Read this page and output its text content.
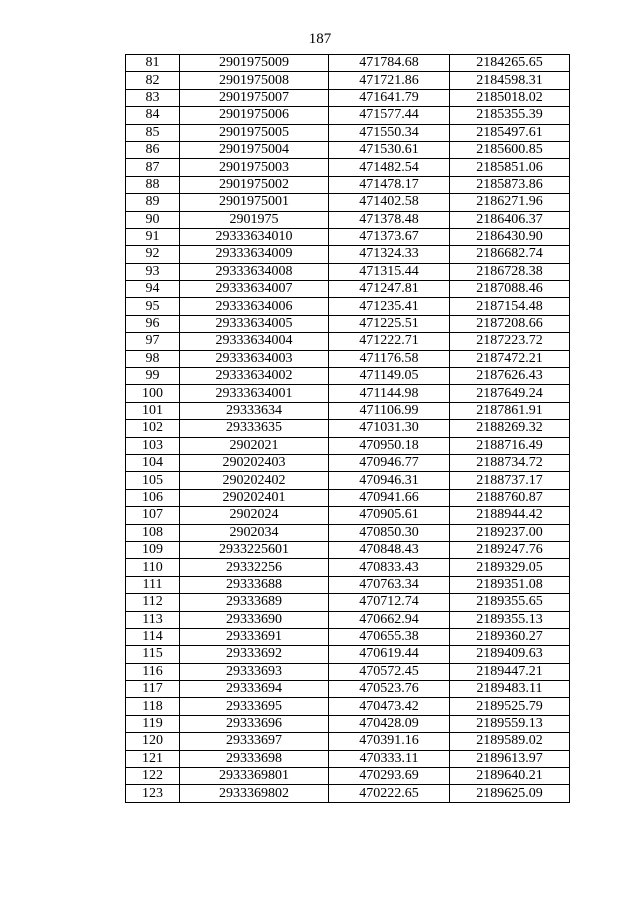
187
81	2901975009	471784.68	2184265.65
82	2901975008	471721.86	2184598.31
83	2901975007	471641.79	2185018.02
84	2901975006	471577.44	2185355.39
85	2901975005	471550.34	2185497.61
86	2901975004	471530.61	2185600.85
87	2901975003	471482.54	2185851.06
88	2901975002	471478.17	2185873.86
89	2901975001	471402.58	2186271.96
90	2901975	471378.48	2186406.37
91	29333634010	471373.67	2186430.90
92	29333634009	471324.33	2186682.74
93	29333634008	471315.44	2186728.38
94	29333634007	471247.81	2187088.46
95	29333634006	471235.41	2187154.48
96	29333634005	471225.51	2187208.66
97	29333634004	471222.71	2187223.72
98	29333634003	471176.58	2187472.21
99	29333634002	471149.05	2187626.43
100	29333634001	471144.98	2187649.24
101	29333634	471106.99	2187861.91
102	29333635	471031.30	2188269.32
103	2902021	470950.18	2188716.49
104	290202403	470946.77	2188734.72
105	290202402	470946.31	2188737.17
106	290202401	470941.66	2188760.87
107	2902024	470905.61	2188944.42
108	2902034	470850.30	2189237.00
109	2933225601	470848.43	2189247.76
110	29332256	470833.43	2189329.05
111	29333688	470763.34	2189351.08
112	29333689	470712.74	2189355.65
113	29333690	470662.94	2189355.13
114	29333691	470655.38	2189360.27
115	29333692	470619.44	2189409.63
116	29333693	470572.45	2189447.21
117	29333694	470523.76	2189483.11
118	29333695	470473.42	2189525.79
119	29333696	470428.09	2189559.13
120	29333697	470391.16	2189589.02
121	29333698	470333.11	2189613.97
122	2933369801	470293.69	2189640.21
123	2933369802	470222.65	2189625.09
